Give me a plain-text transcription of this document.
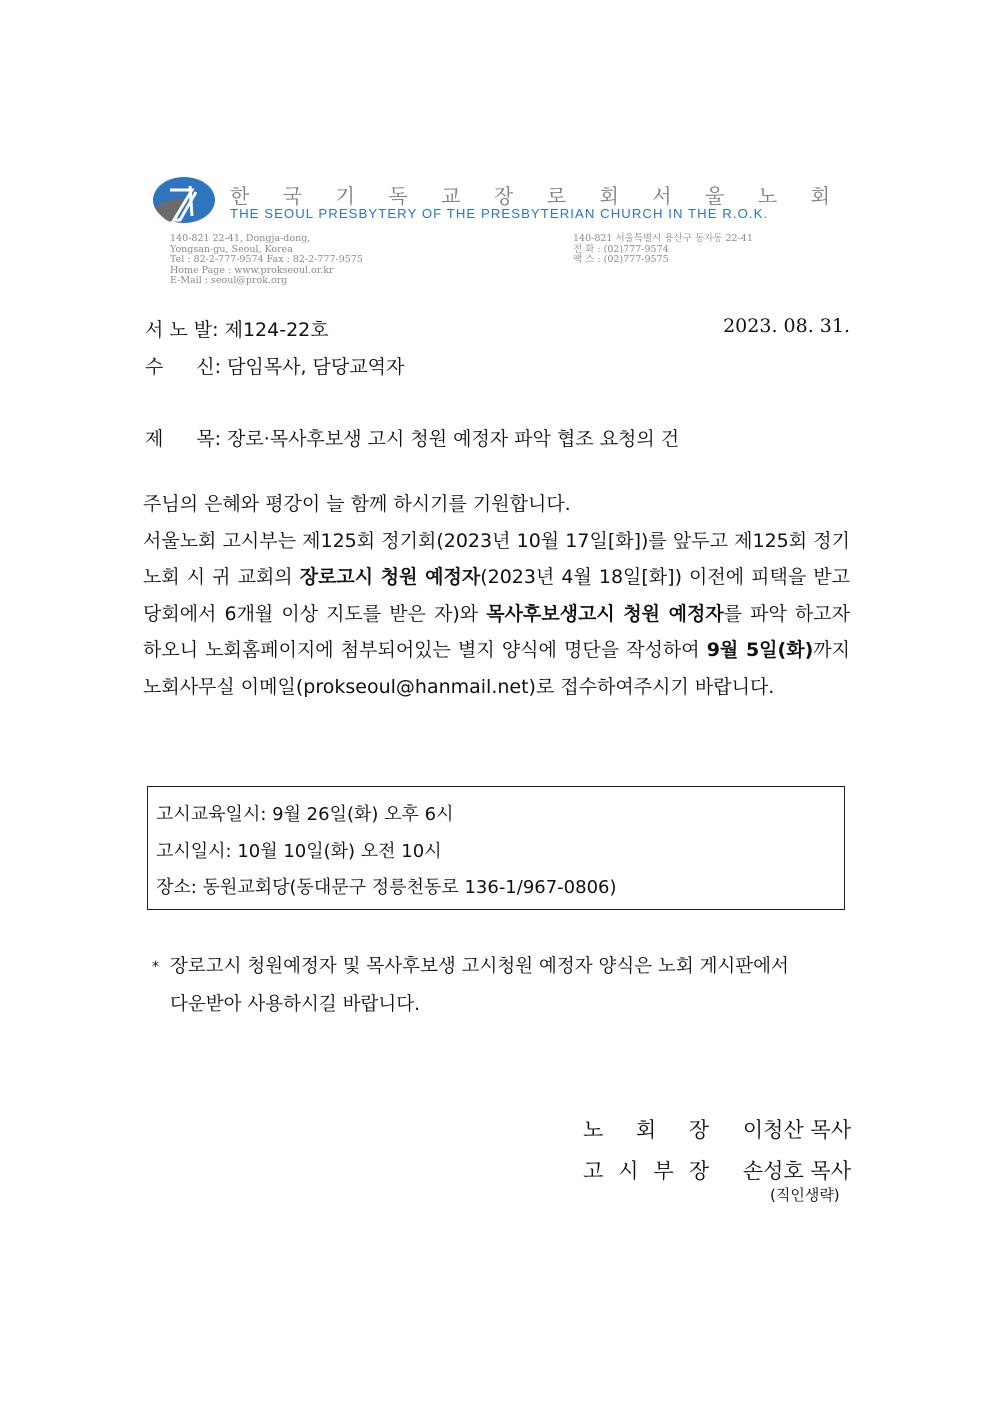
한 국 기 독 교 장 로 회 서 울 노 회
THE SEOUL PRESBYTERY OF THE PRESBYTERIAN CHURCH IN THE R.O.K.
140-821 22-41, Dongja-dong,
Yongsan-gu, Seoul, Korea
Tel : 82-2-777-9574 Fax : 82-2-777-9575
Home Page : www.prokseoul.or.kr
E-Mail : seoul@prok.org
140-821 서울특별시 용산구 동자동 22-41
전 화 : (02)777-9574
팩 스 : (02)777-9575
서 노 발: 제124-22호	2023. 08. 31.
수 신: 담임목사, 담당교역자
제 목: 장로·목사후보생 고시 청원 예정자 파악 협조 요청의 건

주님의 은혜와 평강이 늘 함께 하시기를 기원합니다.

서울노회 고시부는 제125회 정기회(2023년 10월 17일[화])를 앞두고 제125회 정기 노회 시 귀 교회의 장로고시 청원 예정자(2023년 4월 18일[화]) 이전에 피택을 받고 당회에서 6개월 이상 지도를 받은 자)와 목사후보생고시 청원 예정자를 파악 하고자 하오니 노회홈페이지에 첨부되어있는 별지 양식에 명단을 작성하여 9월 5일(화)까지 노회사무실 이메일(prokseoul@hanmail.net)로 접수하여주시기 바랍니다.

고시교육일시: 9월 26일(화) 오후 6시
고시일시: 10월 10일(화) 오전 10시
장소: 동원교회당(동대문구 정릉천동로 136-1/967-0806)
* 장로고시 청원예정자 및 목사후보생 고시청원 예정자 양식은 노회 게시판에서
다운받아 사용하시길 바랍니다.
노 회 장 이청산 목사
고 시 부 장 손성호 목사
(직인생략)
